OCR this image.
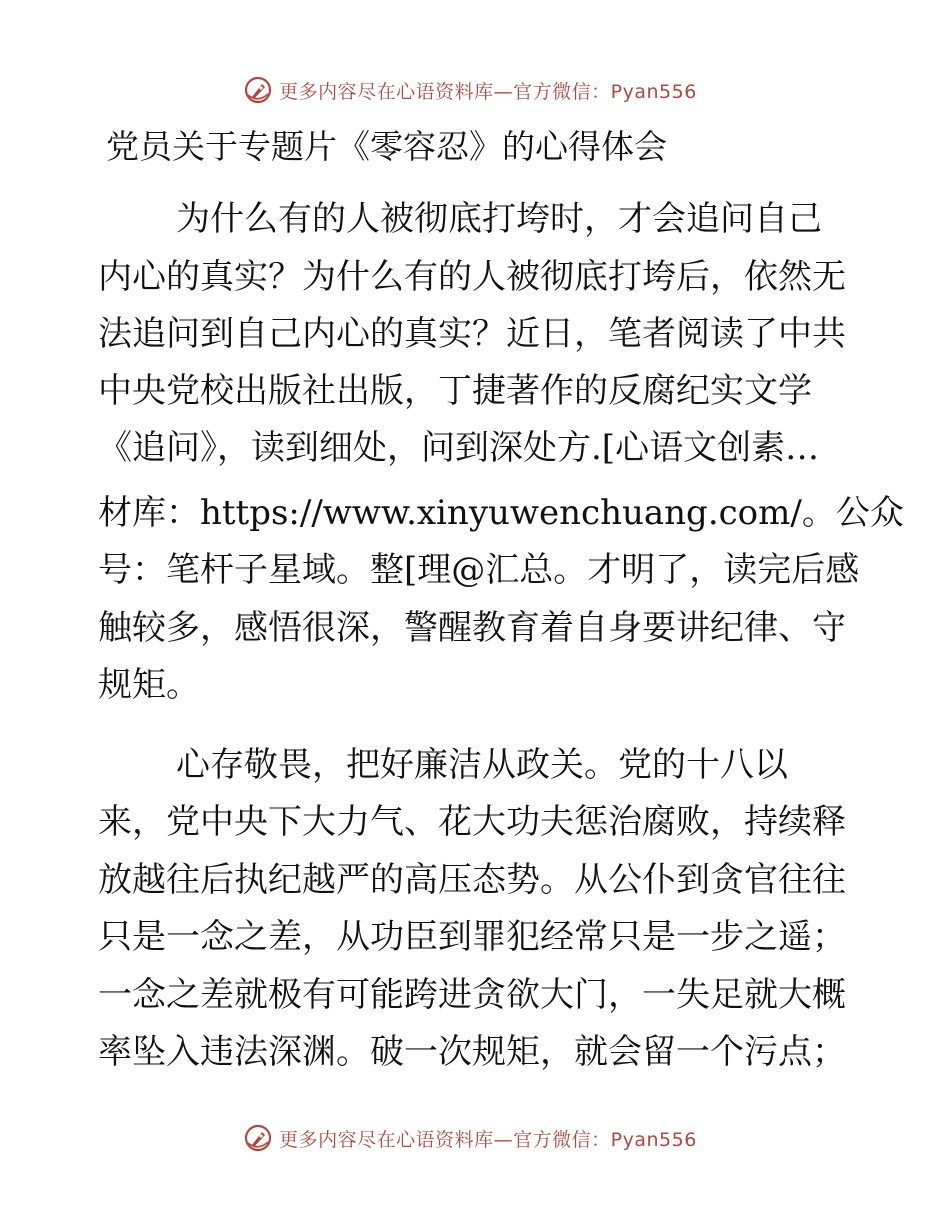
更多内容尽在心语资料库—官方微信：Pyan556
党员关于专题片《零容忍》的心得体会

为什么有的人被彻底打垮时，才会追问自己

内心的真实？为什么有的人被彻底打垮后，依然无

法追问到自己内心的真实？近日，笔者阅读了中共

中央党校出版社出版，丁捷著作的反腐纪实文学

《追问》，读到细处，问到深处方.[心语文创素…

材库：https://www.xinyuwenchuang.com/。公众

号：笔杆子星域。整[理@汇总。才明了，读完后感

触较多，感悟很深，警醒教育着自身要讲纪律、守

规矩。

心存敬畏，把好廉洁从政关。党的十八以

来，党中央下大力气、花大功夫惩治腐败，持续释

放越往后执纪越严的高压态势。从公仆到贪官往往

只是一念之差，从功臣到罪犯经常只是一步之遥；

一念之差就极有可能跨进贪欲大门，一失足就大概

率坠入违法深渊。破一次规矩，就会留一个污点；

更多内容尽在心语资料库—官方微信：Pyan556
